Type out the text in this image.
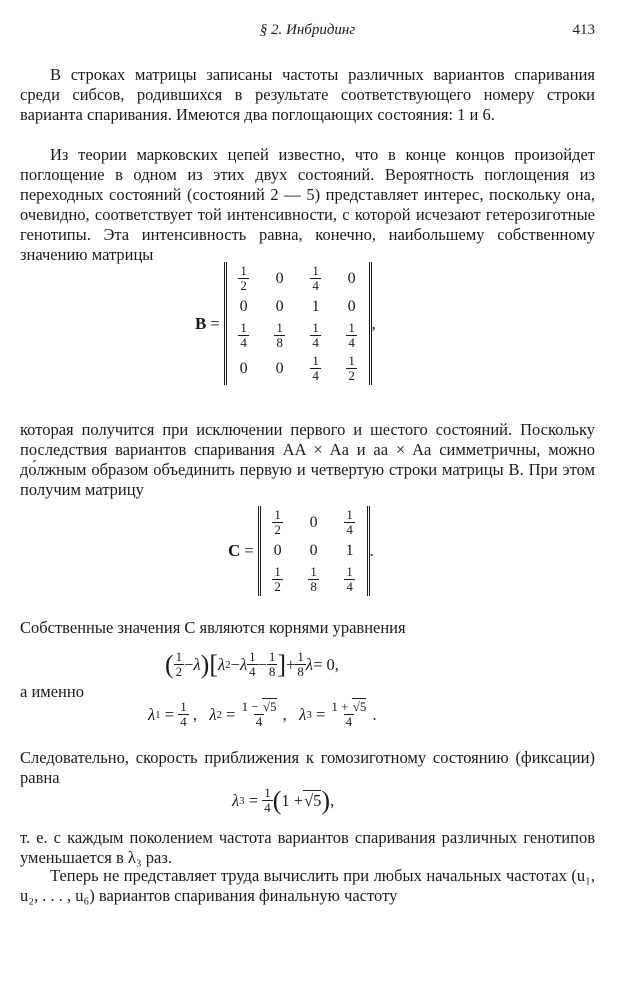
§ 2. Инбридинг	413

В строках матрицы записаны частоты различных вариантов спаривания среди сибсов, родившихся в результате соответствующего номеру строки варианта спаривания. Имеются два поглощающих состояния: 1 и 6.

Из теории марковских цепей известно, что в конце концов произойдет поглощение в одном из этих двух состояний. Вероятность поглощения из переходных состояний (состояний 2 — 5) представляет интерес, поскольку она, очевидно, соответствует той интенсивности, с которой исчезают гетерозиготные генотипы. Эта интенсивность равна, конечно, наибольшему собственному значению матрицы

B =
$\frac{1}{2} 0 \frac{1}{4} 0$
0 0 1 0
$\frac{1}{4} \frac{1}{8} \frac{1}{4} \frac{1}{4}$
0 $0 \frac{1}{4} \frac{1}{2}$
,

которая получится при исключении первого и шестого состояний. Поскольку последствия вариантов спаривания AA × Aa и aa × Aa симметричны, можно до́лжным образом объединить первую и четвертую строки матрицы B. При этом получим матрицу

C =
$\frac{1}{2} 0 \frac{1}{4}$
0 0 1
$\frac{1}{2} \frac{1}{8} \frac{1}{4}$
.

Собственные значения C являются корнями уравнения

( $\frac{1}{2} - \lambda$ ) [ λ 2 − λ $\frac{1}{4} - \frac{1}{8}$ ] + $\frac{1}{8}$ λ = 0,

а именно

λ $1 = \frac{1}{4}$ , λ $2 = \frac{1 - √5}{4}$ , λ $3 = \frac{1 + √5}{4}$ .

Следовательно, скорость приближения к гомозиготному состоянию (фиксации) равна

λ $3 = \frac{1}{4}$ ( 1 + √5 ) ,

т. е. с каждым поколением частота вариантов спаривания различных генотипов уменьшается в λ₃ раз.

Теперь не представляет труда вычислить при любых начальных частотах (u₁, u₂, . . . , u₆) вариантов спаривания финальную частоту
